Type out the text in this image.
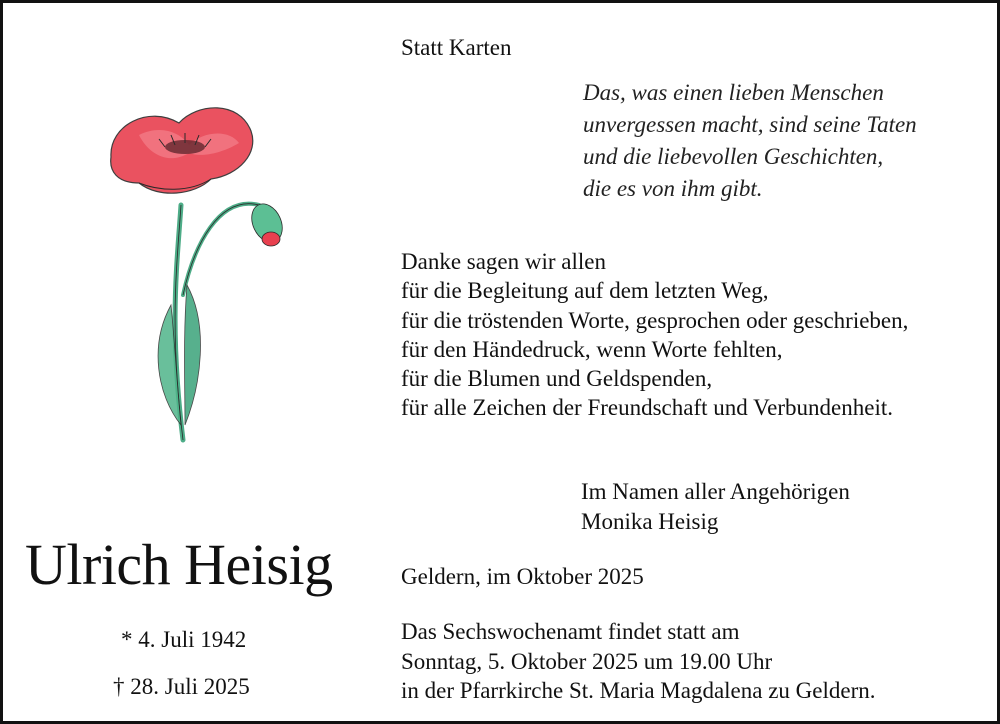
Statt Karten
Das, was einen lieben Menschen
unvergessen macht, sind seine Taten
und die liebevollen Geschichten,
die es von ihm gibt.
Danke sagen wir allen
für die Begleitung auf dem letzten Weg,
für die tröstenden Worte, gesprochen oder geschrieben,
für den Händedruck, wenn Worte fehlten,
für die Blumen und Geldspenden,
für alle Zeichen der Freundschaft und Verbundenheit.
Im Namen aller Angehörigen
Monika Heisig
Geldern, im Oktober 2025
Das Sechswochenamt findet statt am
Sonntag, 5. Oktober 2025 um 19.00 Uhr
in der Pfarrkirche St. Maria Magdalena zu Geldern.
Ulrich Heisig
* 4. Juli 1942
† 28. Juli 2025
